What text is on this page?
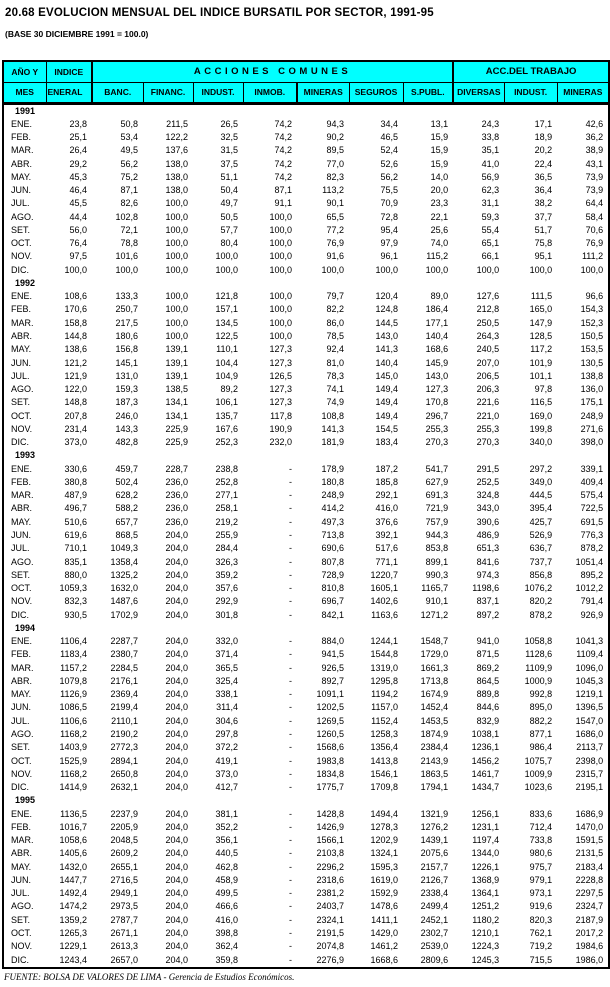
20.68 EVOLUCION MENSUAL DEL INDICE BURSATIL POR SECTOR, 1991-95
(BASE 30 DICIEMBRE 1991 = 100.0)
AÑO Y	INDICE	ACCIONES COMUNES							ACC.DEL TRABAJO		
MES	ENERAL	BANC.	FINANC.	INDUST.	INMOB.	MINERAS	SEGUROS	S.PUBL.	DIVERSAS	INDUST.	MINERAS
1991											
ENE.	23,8	50,8	211,5	26,5	74,2	94,3	34,4	13,1	24,3	17,1	42,6
FEB.	25,1	53,4	122,2	32,5	74,2	90,2	46,5	15,9	33,8	18,9	36,2
MAR.	26,4	49,5	137,6	31,5	74,2	89,5	52,4	15,9	35,1	20,2	38,9
ABR.	29,2	56,2	138,0	37,5	74,2	77,0	52,6	15,9	41,0	22,4	43,1
MAY.	45,3	75,2	138,0	51,1	74,2	82,3	56,2	14,0	56,9	36,5	73,9
JUN.	46,4	87,1	138,0	50,4	87,1	113,2	75,5	20,0	62,3	36,4	73,9
JUL.	45,5	82,6	100,0	49,7	91,1	90,1	70,9	23,3	31,1	38,2	64,4
AGO.	44,4	102,8	100,0	50,5	100,0	65,5	72,8	22,1	59,3	37,7	58,4
SET.	56,0	72,1	100,0	57,7	100,0	77,2	95,4	25,6	55,4	51,7	70,6
OCT.	76,4	78,8	100,0	80,4	100,0	76,9	97,9	74,0	65,1	75,8	76,9
NOV.	97,5	101,6	100,0	100,0	100,0	91,6	96,1	115,2	66,1	95,1	111,2
DIC.	100,0	100,0	100,0	100,0	100,0	100,0	100,0	100,0	100,0	100,0	100,0
1992											
ENE.	108,6	133,3	100,0	121,8	100,0	79,7	120,4	89,0	127,6	111,5	96,6
FEB.	170,6	250,7	100,0	157,1	100,0	82,2	124,8	186,4	212,8	165,0	154,3
MAR.	158,8	217,5	100,0	134,5	100,0	86,0	144,5	177,1	250,5	147,9	152,3
ABR.	144,8	180,6	100,0	122,5	100,0	78,5	143,0	140,4	264,3	128,5	150,5
MAY.	138,6	156,8	139,1	110,1	127,3	92,4	141,3	168,6	240,5	117,2	153,5
JUN.	121,2	145,1	139,1	104,4	127,3	81,0	140,4	145,9	207,0	101,9	130,5
JUL.	121,9	131,0	139,1	104,9	126,5	78,3	145,0	143,0	206,5	101,1	138,8
AGO.	122,0	159,3	138,5	89,2	127,3	74,1	149,4	127,3	206,3	97,8	136,0
SET.	148,8	187,3	134,1	106,1	127,3	74,9	149,4	170,8	221,6	116,5	175,1
OCT.	207,8	246,0	134,1	135,7	117,8	108,8	149,4	296,7	221,0	169,0	248,9
NOV.	231,4	143,3	225,9	167,6	190,9	141,3	154,5	255,3	255,3	199,8	271,6
DIC.	373,0	482,8	225,9	252,3	232,0	181,9	183,4	270,3	270,3	340,0	398,0
1993											
ENE.	330,6	459,7	228,7	238,8	-	178,9	187,2	541,7	291,5	297,2	339,1
FEB.	380,8	502,4	236,0	252,8	-	180,8	185,8	627,9	252,5	349,0	409,4
MAR.	487,9	628,2	236,0	277,1	-	248,9	292,1	691,3	324,8	444,5	575,4
ABR.	496,7	588,2	236,0	258,1	-	414,2	416,0	721,9	343,0	395,4	722,5
MAY.	510,6	657,7	236,0	219,2	-	497,3	376,6	757,9	390,6	425,7	691,5
JUN.	619,6	868,5	204,0	255,9	-	713,8	392,1	944,3	486,9	526,9	776,3
JUL.	710,1	1049,3	204,0	284,4	-	690,6	517,6	853,8	651,3	636,7	878,2
AGO.	835,1	1358,4	204,0	326,3	-	807,8	771,1	899,1	841,6	737,7	1051,4
SET.	880,0	1325,2	204,0	359,2	-	728,9	1220,7	990,3	974,3	856,8	895,2
OCT.	1059,3	1632,0	204,0	357,6	-	810,8	1605,1	1165,7	1198,6	1076,2	1012,2
NOV.	832,3	1487,6	204,0	292,9	-	696,7	1402,6	910,1	837,1	820,2	791,4
DIC.	930,5	1702,9	204,0	301,8	-	842,1	1163,6	1271,2	897,2	878,2	926,9
1994											
ENE.	1106,4	2287,7	204,0	332,0	-	884,0	1244,1	1548,7	941,0	1058,8	1041,3
FEB.	1183,4	2380,7	204,0	371,4	-	941,5	1544,8	1729,0	871,5	1128,6	1109,4
MAR.	1157,2	2284,5	204,0	365,5	-	926,5	1319,0	1661,3	869,2	1109,9	1096,0
ABR.	1079,8	2176,1	204,0	325,4	-	892,7	1295,8	1713,8	864,5	1000,9	1045,3
MAY.	1126,9	2369,4	204,0	338,1	-	1091,1	1194,2	1674,9	889,8	992,8	1219,1
JUN.	1086,5	2199,4	204,0	311,4	-	1202,5	1157,0	1452,4	844,6	895,0	1396,5
JUL.	1106,6	2110,1	204,0	304,6	-	1269,5	1152,4	1453,5	832,9	882,2	1547,0
AGO.	1168,2	2190,2	204,0	297,8	-	1260,5	1258,3	1874,9	1038,1	877,1	1686,0
SET.	1403,9	2772,3	204,0	372,2	-	1568,6	1356,4	2384,4	1236,1	986,4	2113,7
OCT.	1525,9	2894,1	204,0	419,1	-	1983,8	1413,8	2143,9	1456,2	1075,7	2398,0
NOV.	1168,2	2650,8	204,0	373,0	-	1834,8	1546,1	1863,5	1461,7	1009,9	2315,7
DIC.	1414,9	2632,1	204,0	412,7	-	1775,7	1709,8	1794,1	1434,7	1023,6	2195,1
1995											
ENE.	1136,5	2237,9	204,0	381,1	-	1428,8	1494,4	1321,9	1256,1	833,6	1686,9
FEB.	1016,7	2205,9	204,0	352,2	-	1426,9	1278,3	1276,2	1231,1	712,4	1470,0
MAR.	1058,6	2048,5	204,0	356,1	-	1566,1	1202,9	1439,1	1197,4	733,8	1591,5
ABR.	1405,6	2609,2	204,0	440,5	-	2103,8	1324,1	2075,6	1344,0	980,6	2131,5
MAY.	1432,0	2655,1	204,0	462,8	-	2296,2	1595,3	2157,7	1226,1	975,7	2183,4
JUN.	1447,7	2716,5	204,0	458,9	-	2318,6	1619,0	2126,7	1368,9	979,1	2228,8
JUL.	1492,4	2949,1	204,0	499,5	-	2381,2	1592,9	2338,4	1364,1	973,1	2297,5
AGO.	1474,2	2973,5	204,0	466,6	-	2403,7	1478,6	2499,4	1251,2	919,6	2324,7
SET.	1359,2	2787,7	204,0	416,0	-	2324,1	1411,1	2452,1	1180,2	820,3	2187,9
OCT.	1265,3	2671,1	204,0	398,8	-	2191,5	1429,0	2302,7	1210,1	762,1	2017,2
NOV.	1229,1	2613,3	204,0	362,4	-	2074,8	1461,2	2539,0	1224,3	719,2	1984,6
DIC.	1243,4	2657,0	204,0	359,8	-	2276,9	1668,6	2809,6	1245,3	715,5	1986,0
FUENTE: BOLSA DE VALORES DE LIMA - Gerencia de Estudios Económicos.
